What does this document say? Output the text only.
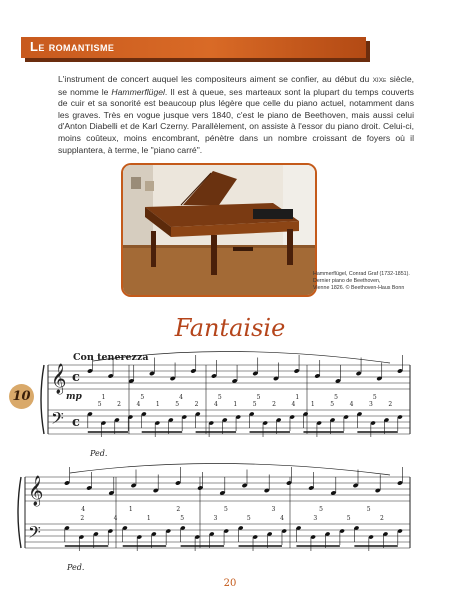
Le romantisme
L'instrument de concert auquel les compositeurs aiment se confier, au début du XIXe siècle, se nomme le Hammerflügel. Il est à queue, ses marteaux sont la plupart du temps couverts de cuir et sa sonorité est beaucoup plus légère que celle du piano actuel, notamment dans les graves. Très en vogue jusque vers 1840, c'est le piano de Beethoven, mais aussi celui d'Anton Diabelli et de Karl Czerny. Parallèlement, on assiste à l'essor du piano droit. Celui-ci, moins coûteux, moins encombrant, pénètre dans un nombre croissant de foyers où il supplantera, à terme, le "piano carré".
Hammerflügel, Conrad Graf (1732-1851).
Dernier piano de Beethoven,
Vienne 1826. © Beethoven-Haus Bonn
Fantaisie
Con tenerezza
10
𝄞
𝄢
c
c
mp
Ped.
1	5	4	5	5	1	5	5
5	2	4	1	5	2	4	1	5	2	4	1	5	4	3	2
𝄞
𝄢
Ped.
4	1	2	5	3	5	5
2	4	1	5	3	5	4	3	5	2
20
